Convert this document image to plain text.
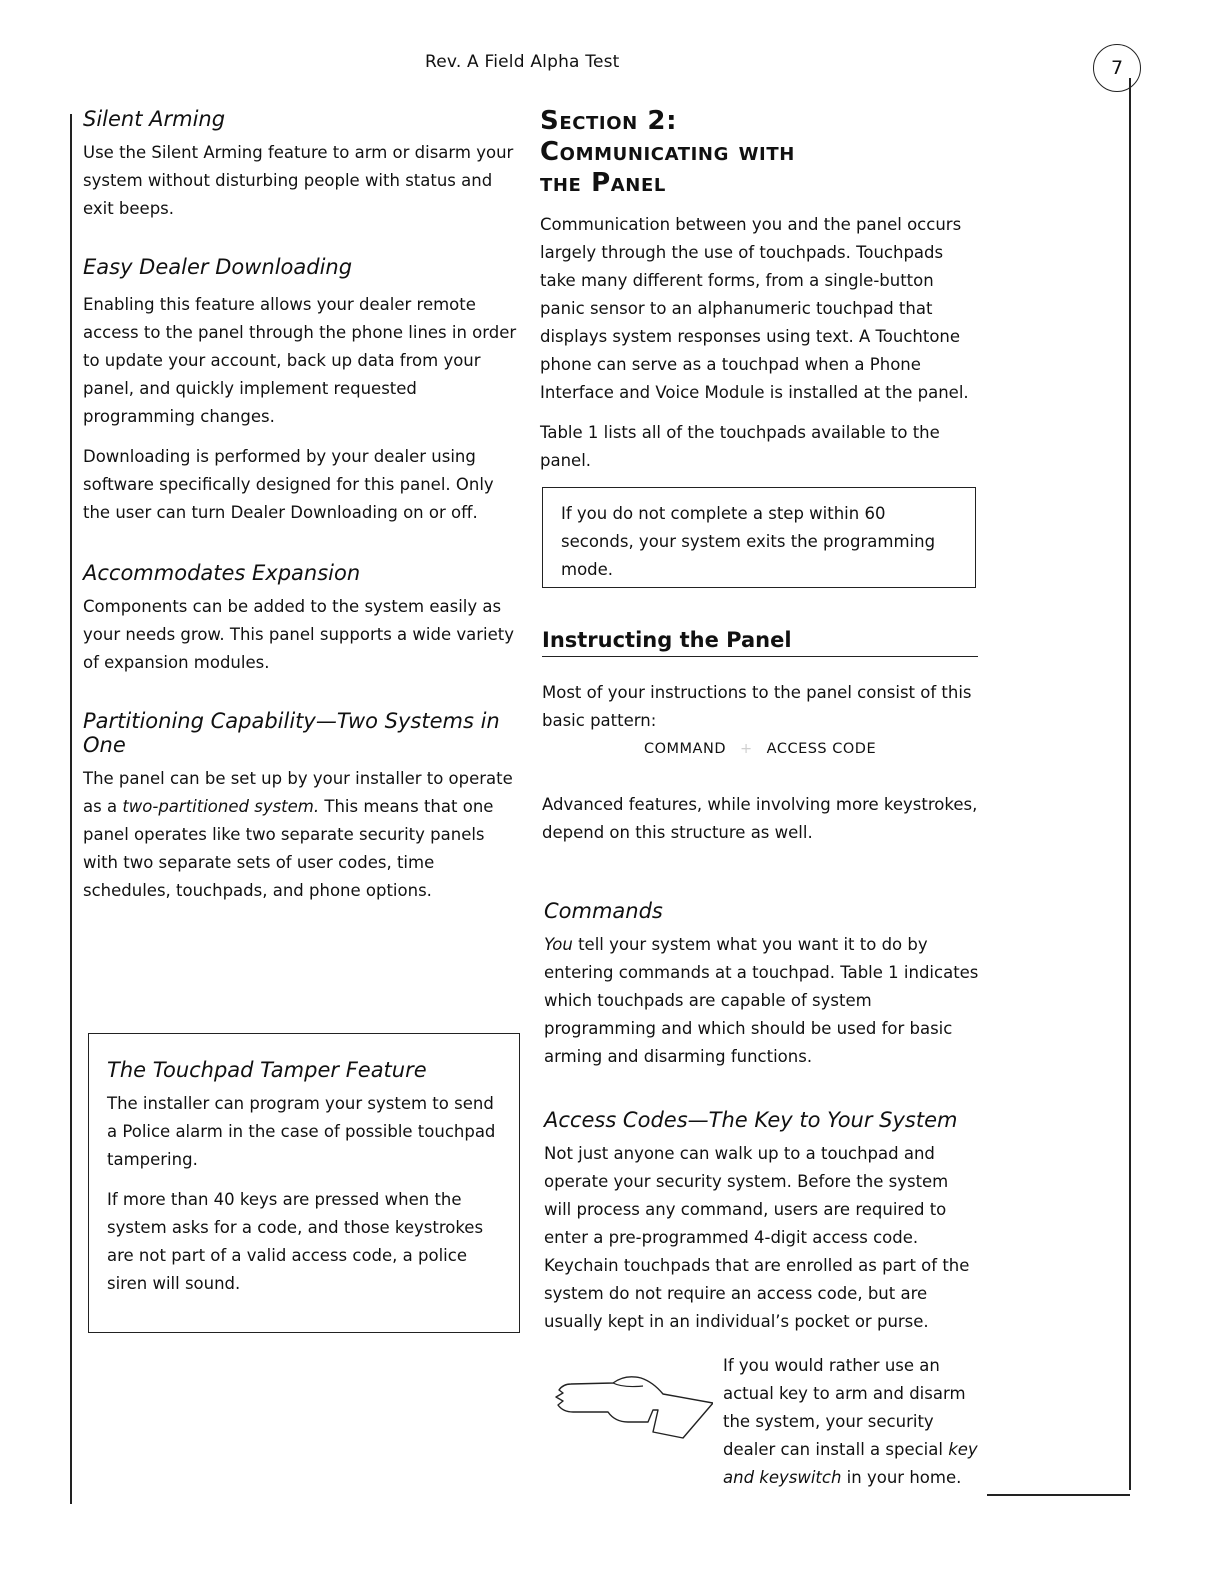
Rev. A Field Alpha Test	7
Silent Arming

Use the Silent Arming feature to arm or disarm your system without disturbing people with status and exit beeps.

Easy Dealer Downloading

Enabling this feature allows your dealer remote access to the panel through the phone lines in order to update your account, back up data from your panel, and quickly implement requested programming changes.

Downloading is performed by your dealer using software specifically designed for this panel. Only the user can turn Dealer Downloading on or off.

Accommodates Expansion

Components can be added to the system easily as your needs grow. This panel supports a wide variety of expansion modules.

Partitioning Capability—Two Systems in One

The panel can be set up by your installer to operate as a two-partitioned system. This means that one panel operates like two separate security panels with two separate sets of user codes, time schedules, touchpads, and phone options.

The Touchpad Tamper Feature

The installer can program your system to send a Police alarm in the case of possible touchpad tampering.

If more than 40 keys are pressed when the system asks for a code, and those keystrokes are not part of a valid access code, a police siren will sound.

Section 2:
Communicating with
the Panel

Communication between you and the panel occurs largely through the use of touchpads. Touchpads take many different forms, from a single-button panic sensor to an alphanumeric touchpad that displays system responses using text. A Touchtone phone can serve as a touchpad when a Phone Interface and Voice Module is installed at the panel.

Table 1 lists all of the touchpads available to the panel.

If you do not complete a step within 60 seconds, your system exits the programming mode.

Instructing the Panel

Most of your instructions to the panel consist of this basic pattern:

COMMAND + ACCESS CODE

Advanced features, while involving more keystrokes, depend on this structure as well.

Commands

You tell your system what you want it to do by entering commands at a touchpad. Table 1 indicates which touchpads are capable of system programming and which should be used for basic arming and disarming functions.

Access Codes—The Key to Your System

Not just anyone can walk up to a touchpad and operate your security system. Before the system will process any command, users are required to enter a pre-programmed 4-digit access code. Keychain touchpads that are enrolled as part of the system do not require an access code, but are usually kept in an individual’s pocket or purse.

If you would rather use an actual key to arm and disarm the system, your security dealer can install a special key and keyswitch in your home.
